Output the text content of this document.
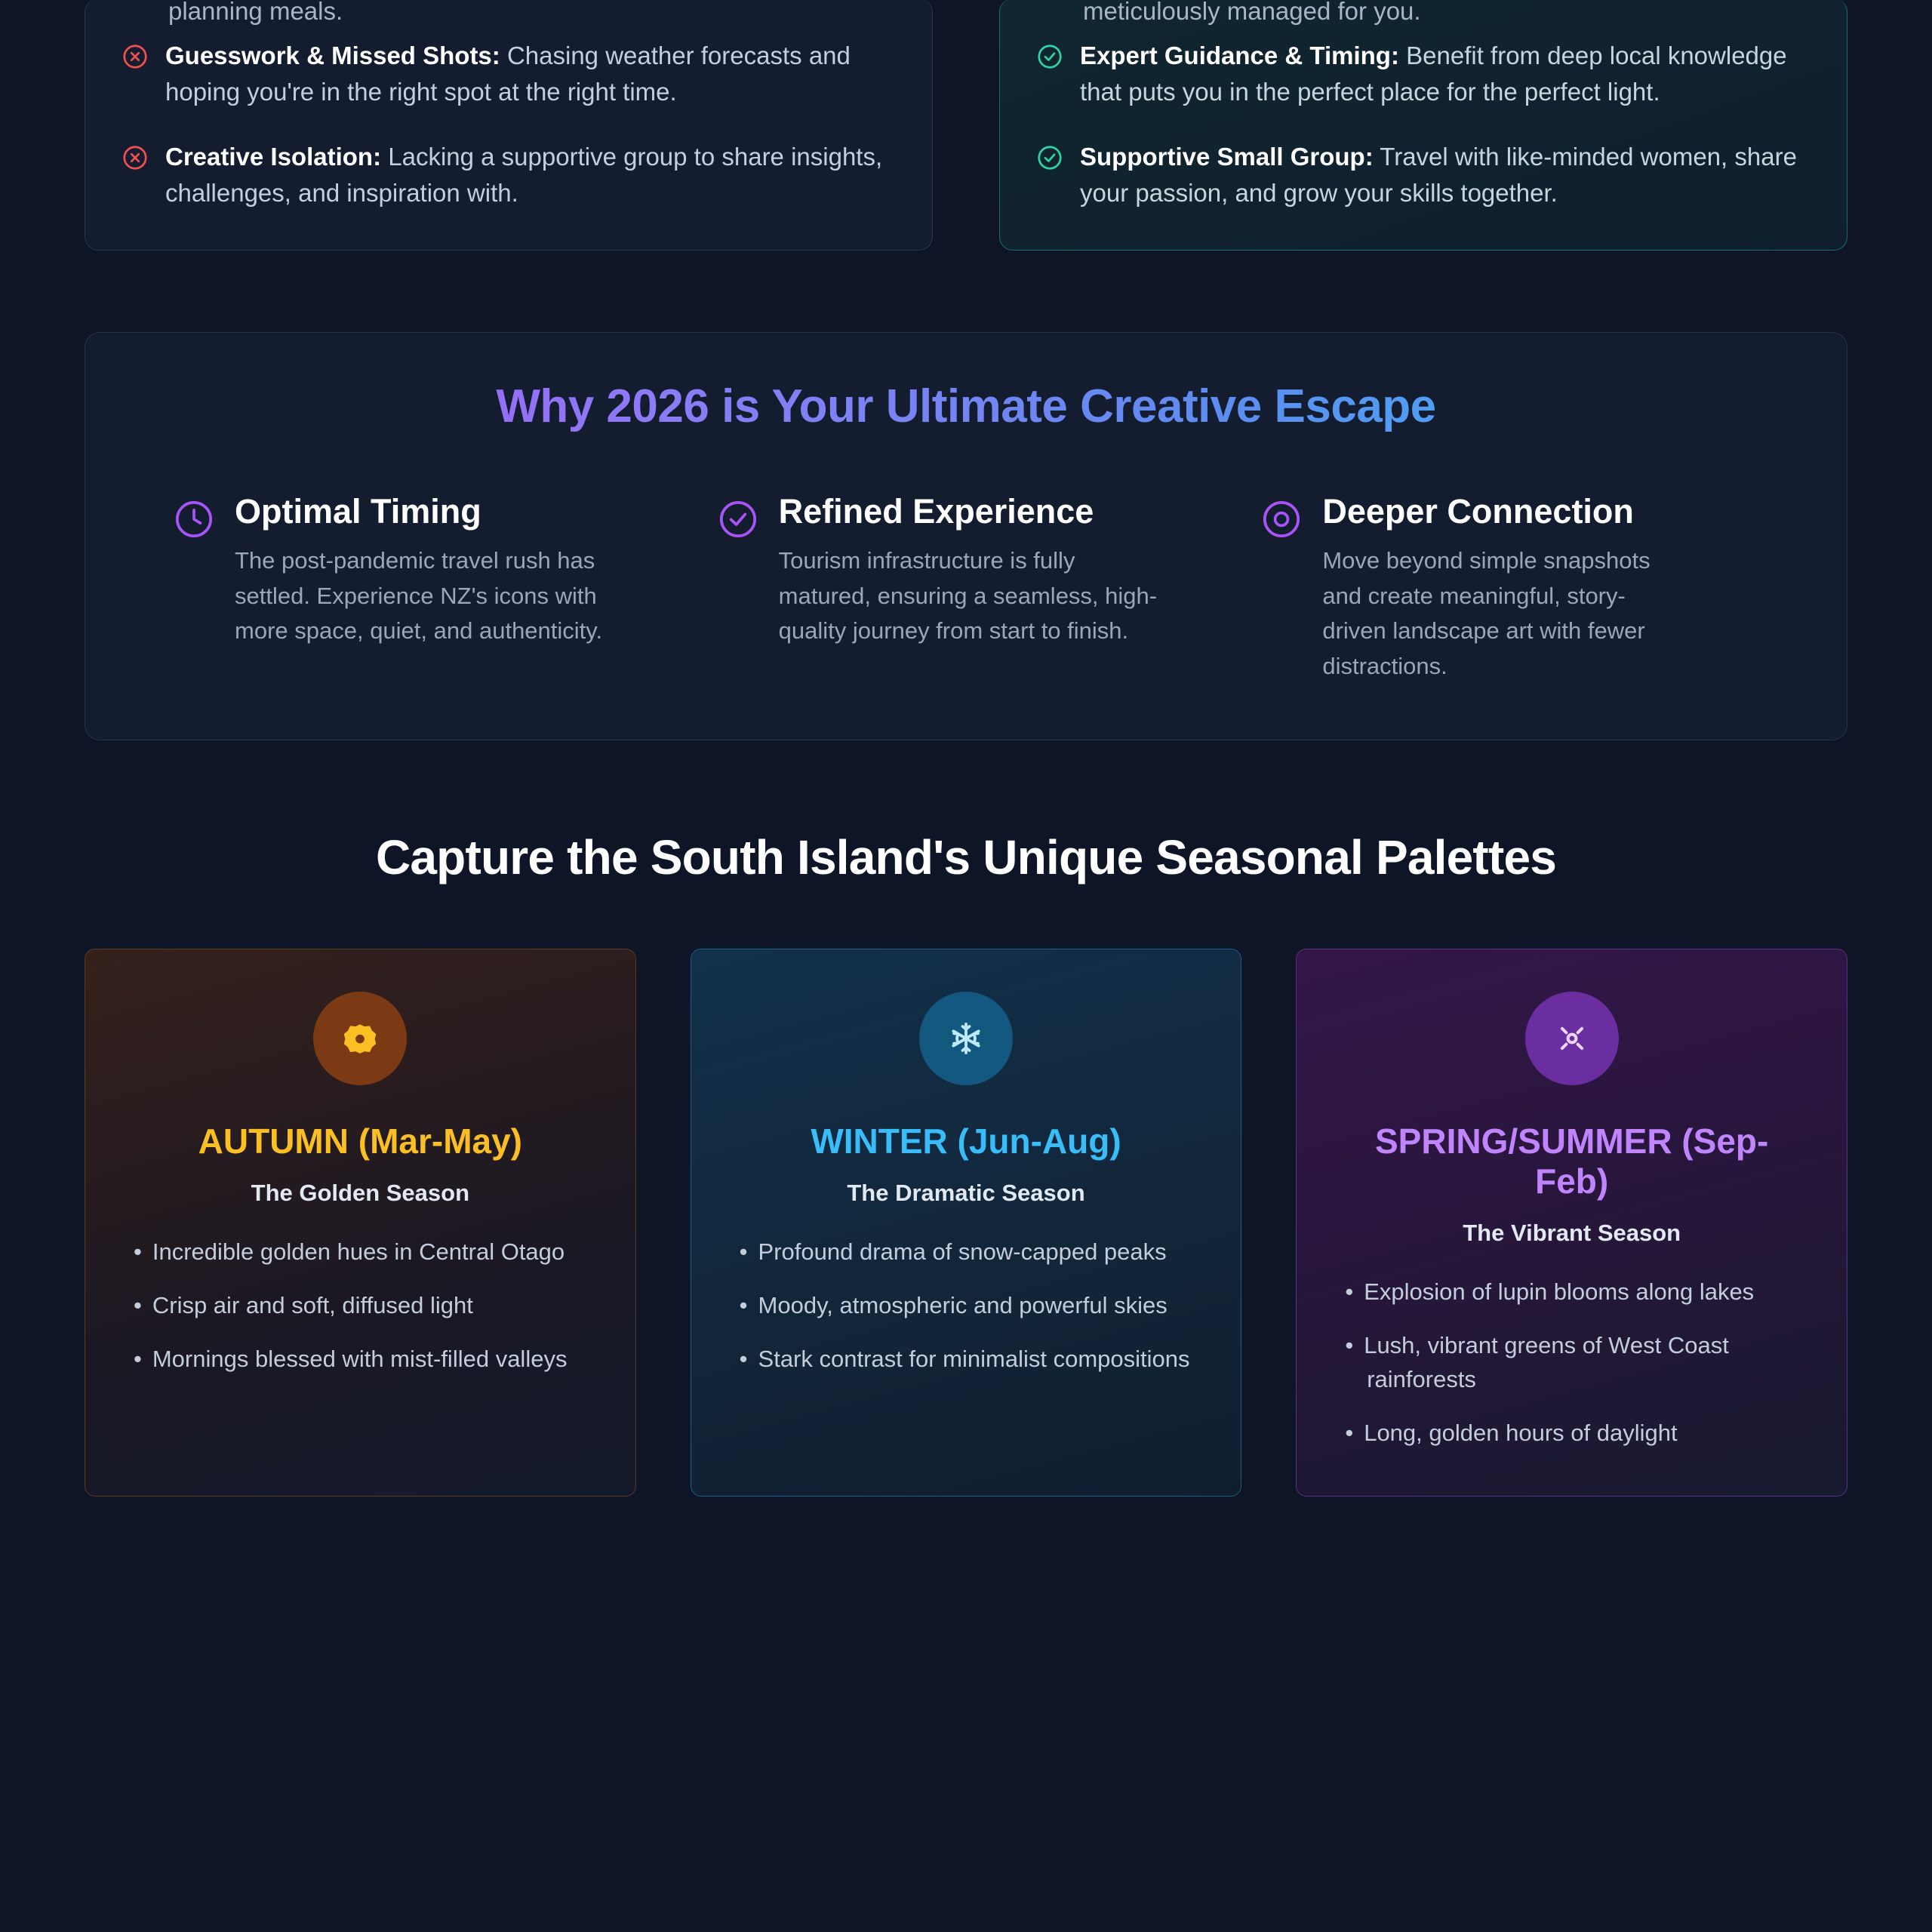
planning meals.
Guesswork & Missed Shots: Chasing weather forecasts and hoping you're in the right spot at the right time.
Creative Isolation: Lacking a supportive group to share insights, challenges, and inspiration with.
meticulously managed for you.
Expert Guidance & Timing: Benefit from deep local knowledge that puts you in the perfect place for the perfect light.
Supportive Small Group: Travel with like-minded women, share your passion, and grow your skills together.
Why 2026 is Your Ultimate Creative Escape
Optimal Timing
The post-pandemic travel rush has settled. Experience NZ's icons with more space, quiet, and authenticity.
Refined Experience
Tourism infrastructure is fully matured, ensuring a seamless, high-quality journey from start to finish.
Deeper Connection
Move beyond simple snapshots and create meaningful, story-driven landscape art with fewer distractions.
Capture the South Island's Unique Seasonal Palettes
AUTUMN (Mar-May)
The Golden Season
• Incredible golden hues in Central Otago
• Crisp air and soft, diffused light
• Mornings blessed with mist-filled valleys
WINTER (Jun-Aug)
The Dramatic Season
• Profound drama of snow-capped peaks
• Moody, atmospheric and powerful skies
• Stark contrast for minimalist compositions
SPRING/SUMMER (Sep-Feb)
The Vibrant Season
• Explosion of lupin blooms along lakes
• Lush, vibrant greens of West Coast rainforests
• Long, golden hours of daylight
